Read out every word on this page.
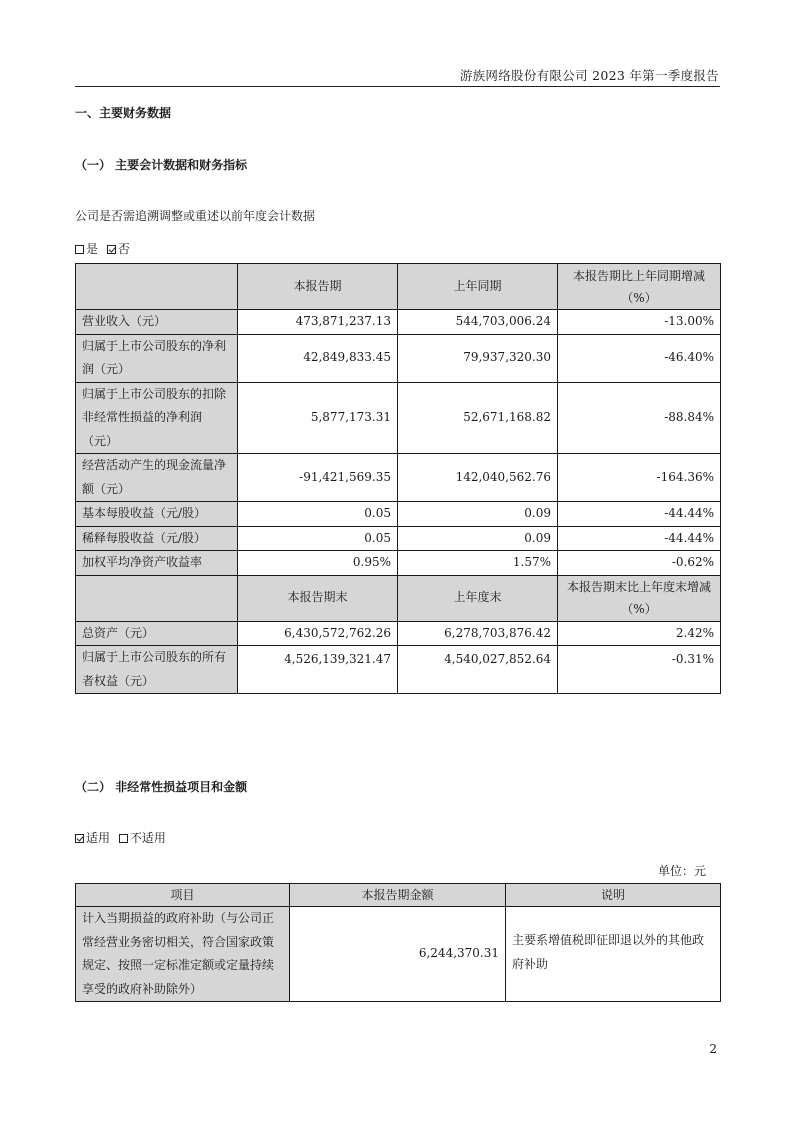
游族网络股份有限公司 2023 年第一季度报告
一、主要财务数据
（一） 主要会计数据和财务指标
公司是否需追溯调整或重述以前年度会计数据
是 否
	本报告期	上年同期	本报告期比上年同期增减
（%）

营业收入（元）	473,871,237.13	544,703,006.24	-13.00%
归属于上市公司股东的净利润（元）	42,849,833.45	79,937,320.30	-46.40%
归属于上市公司股东的扣除非经常性损益的净利润（元）	5,877,173.31	52,671,168.82	-88.84%
经营活动产生的现金流量净额（元）	-91,421,569.35	142,040,562.76	-164.36%
基本每股收益（元/股）	0.05	0.09	-44.44%
稀释每股收益（元/股）	0.05	0.09	-44.44%
加权平均净资产收益率	0.95%	1.57%	-0.62%
	本报告期末	上年度末	本报告期末比上年度末增减
（%）

总资产（元）	6,430,572,762.26	6,278,703,876.42	2.42%
归属于上市公司股东的所有者权益（元）	4,526,139,321.47	4,540,027,852.64	-0.31%
（二） 非经常性损益项目和金额
适用 不适用
单位：元
项目	本报告期金额	说明
计入当期损益的政府补助（与公司正常经营业务密切相关，符合国家政策规定、按照一定标准定额或定量持续享受的政府补助除外）	6,244,370.31	主要系增值税即征即退以外的其他政府补助
2
